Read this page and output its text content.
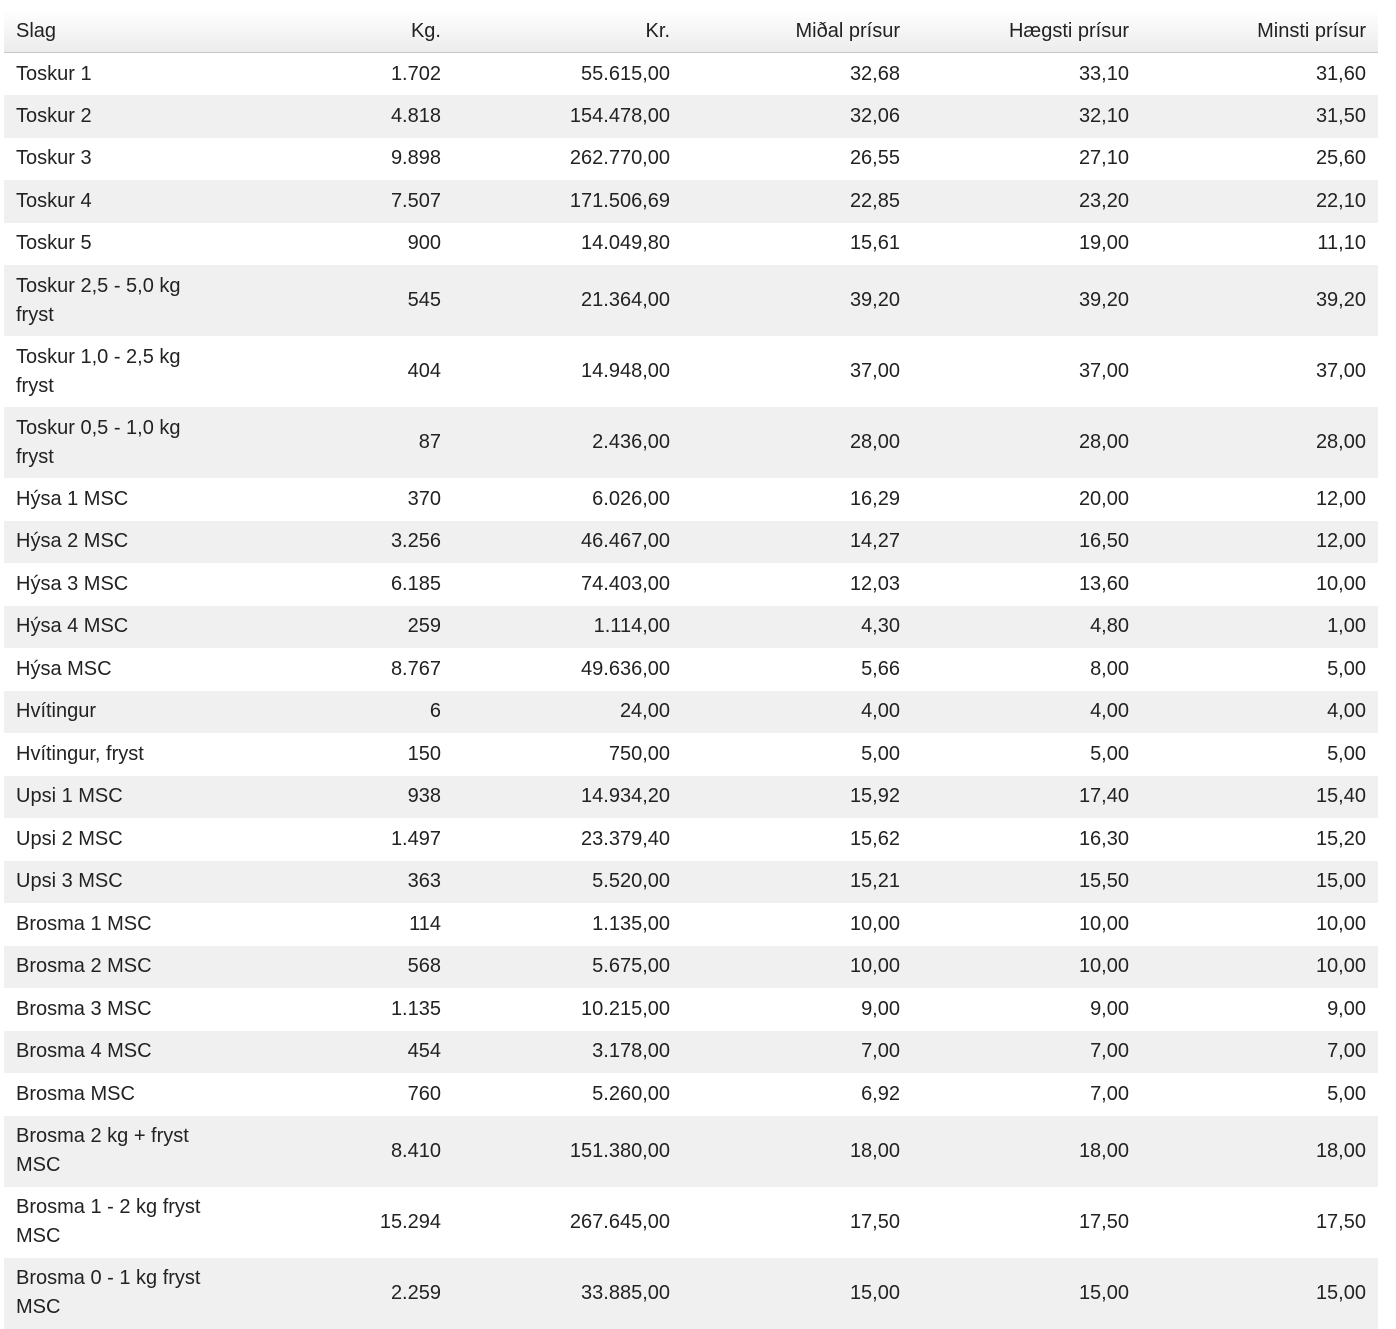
Slag	Kg.	Kr.	Miðal prísur	Hægsti prísur	Minsti prísur
Toskur 1	1.702	55.615,00	32,68	33,10	31,60
Toskur 2	4.818	154.478,00	32,06	32,10	31,50
Toskur 3	9.898	262.770,00	26,55	27,10	25,60
Toskur 4	7.507	171.506,69	22,85	23,20	22,10
Toskur 5	900	14.049,80	15,61	19,00	11,10
Toskur 2,5 - 5,0 kg fryst	545	21.364,00	39,20	39,20	39,20
Toskur 1,0 - 2,5 kg fryst	404	14.948,00	37,00	37,00	37,00
Toskur 0,5 - 1,0 kg fryst	87	2.436,00	28,00	28,00	28,00
Hýsa 1 MSC	370	6.026,00	16,29	20,00	12,00
Hýsa 2 MSC	3.256	46.467,00	14,27	16,50	12,00
Hýsa 3 MSC	6.185	74.403,00	12,03	13,60	10,00
Hýsa 4 MSC	259	1.114,00	4,30	4,80	1,00
Hýsa MSC	8.767	49.636,00	5,66	8,00	5,00
Hvítingur	6	24,00	4,00	4,00	4,00
Hvítingur, fryst	150	750,00	5,00	5,00	5,00
Upsi 1 MSC	938	14.934,20	15,92	17,40	15,40
Upsi 2 MSC	1.497	23.379,40	15,62	16,30	15,20
Upsi 3 MSC	363	5.520,00	15,21	15,50	15,00
Brosma 1 MSC	114	1.135,00	10,00	10,00	10,00
Brosma 2 MSC	568	5.675,00	10,00	10,00	10,00
Brosma 3 MSC	1.135	10.215,00	9,00	9,00	9,00
Brosma 4 MSC	454	3.178,00	7,00	7,00	7,00
Brosma MSC	760	5.260,00	6,92	7,00	5,00
Brosma 2 kg + fryst MSC	8.410	151.380,00	18,00	18,00	18,00
Brosma 1 - 2 kg fryst MSC	15.294	267.645,00	17,50	17,50	17,50
Brosma 0 - 1 kg fryst MSC	2.259	33.885,00	15,00	15,00	15,00
